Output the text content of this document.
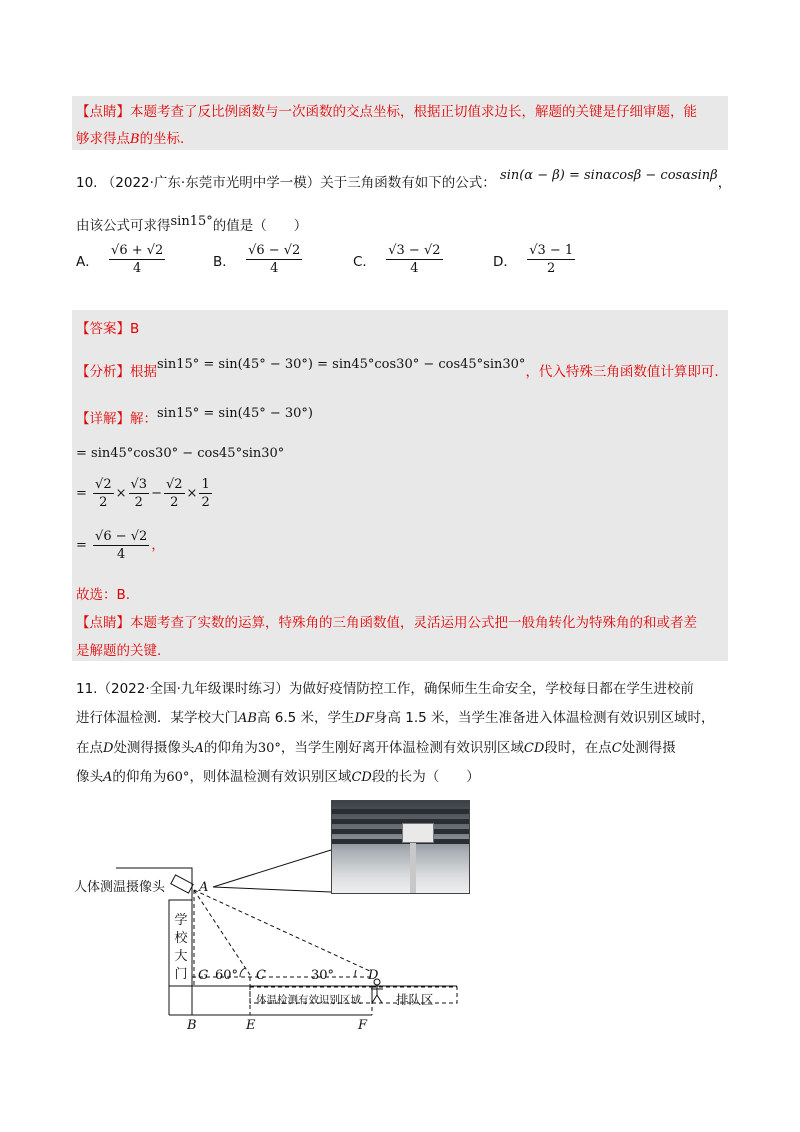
【点睛】本题考查了反比例函数与一次函数的交点坐标，根据正切值求边长，解题的关键是仔细审题，能
够求得点B的坐标.
10. （2022·广东·东莞市光明中学一模）关于三角函数有如下的公式： sin(α − β) = sinαcosβ − cosαsinβ，
由该公式可求得sin15°的值是（　　）
A． $\frac{√6 + √2}{4}$	B． $\frac{√6 - √2}{4}$	C． $\frac{√3 - √2}{4}$	D． $\frac{√3 - 1}{2}$
【答案】B
【分析】根据sin15° = sin(45° − 30°) = sin45°cos30° − cos45°sin30°，代入特殊三角函数值计算即可.
【详解】解：sin15° = sin(45° − 30°)
= sin45°cos30° − cos45°sin30°
= $\frac{√2}{2} \times \frac{√3}{2} - \frac{√2}{2} \times \frac{1}{2}$
= $\frac{√6 - √2}{4}$ ，
故选：B.
【点睛】本题考查了实数的运算，特殊角的三角函数值，灵活运用公式把一般角转化为特殊角的和或者差
是解题的关键.
11.（2022·全国·九年级课时练习）为做好疫情防控工作，确保师生生命安全，学校每日都在学生进校前
进行体温检测．某学校大门AB高 6.5 米，学生DF身高 1.5 米，当学生准备进入体温检测有效识别区域时，
在点D处测得摄像头A的仰角为30°，当学生刚好离开体温检测有效识别区域CD段时，在点C处测得摄
像头A的仰角为60°，则体温检测有效识别区域CD段的长为（　　）
人体测温摄像头
学
校
大
门
体温检测有效识别区域	排队区
A
G 60° C	30°	D
B	E	F
